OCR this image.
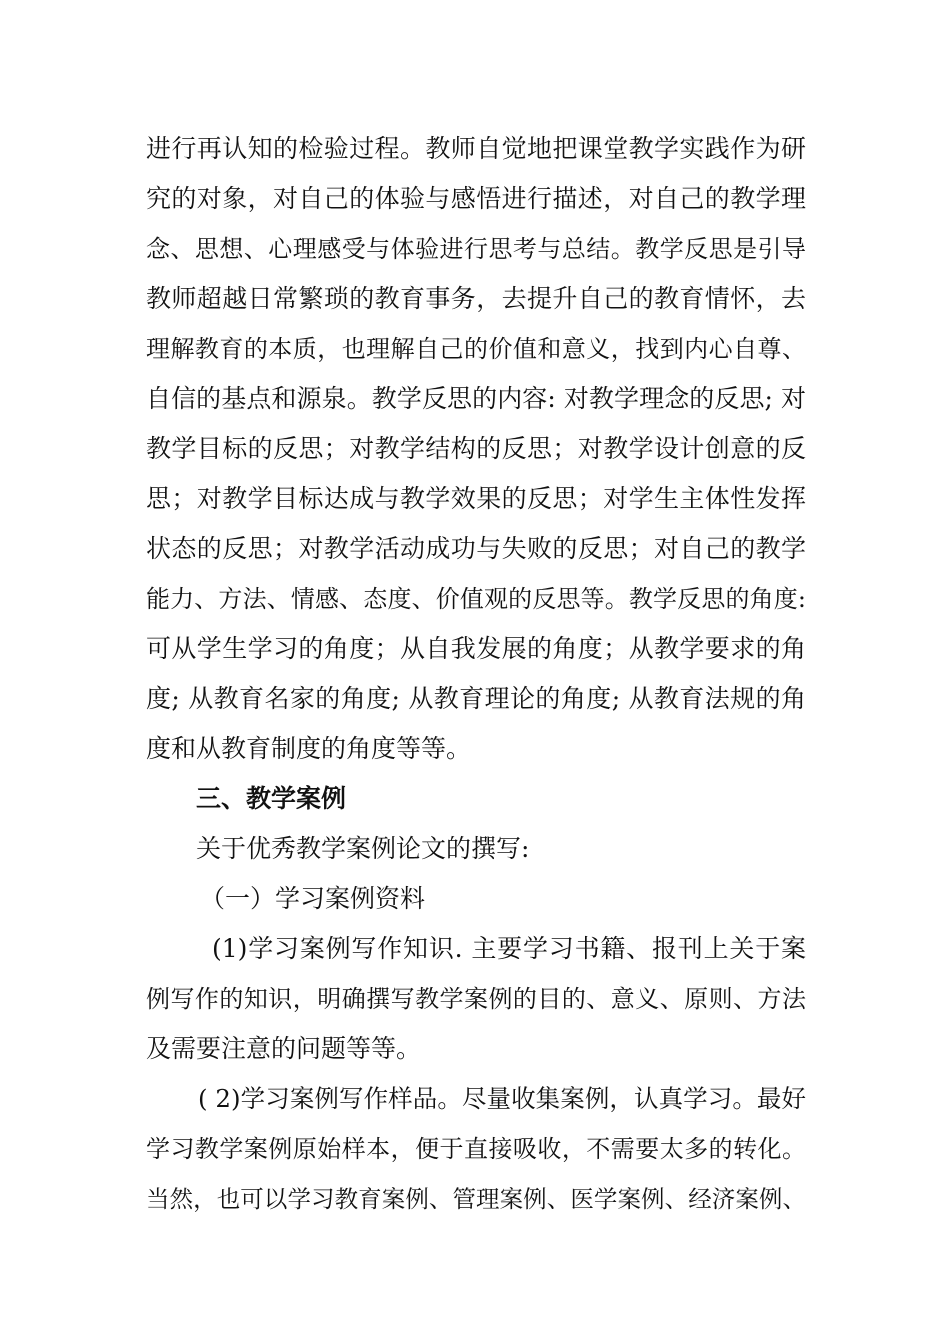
进行再认知的检验过程。教师自觉地把课堂教学实践作为研
究的对象，对自己的体验与感悟进行描述，对自己的教学理
念、思想、心理感受与体验进行思考与总结。教学反思是引导
教师超越日常繁琐的教育事务，去提升自己的教育情怀，去
理解教育的本质，也理解自己的价值和意义，找到内心自尊、
自信的基点和源泉。教学反思的内容: 对教学理念的反思; 对
教学目标的反思；对教学结构的反思；对教学设计创意的反
思；对教学目标达成与教学效果的反思；对学生主体性发挥
状态的反思；对教学活动成功与失败的反思；对自己的教学
能力、方法、情感、态度、价值观的反思等。教学反思的角度:
可从学生学习的角度；从自我发展的角度；从教学要求的角
度; 从教育名家的角度; 从教育理论的角度; 从教育法规的角
度和从教育制度的角度等等。
三、教学案例
关于优秀教学案例论文的撰写:
（一）学习案例资料
(1)学习案例写作知识. 主要学习书籍、报刊上关于案
例写作的知识，明确撰写教学案例的目的、意义、原则、方法
及需要注意的问题等等。
( 2)学习案例写作样品。尽量收集案例，认真学习。最好
学习教学案例原始样本，便于直接吸收，不需要太多的转化。
当然，也可以学习教育案例、管理案例、医学案例、经济案例、
